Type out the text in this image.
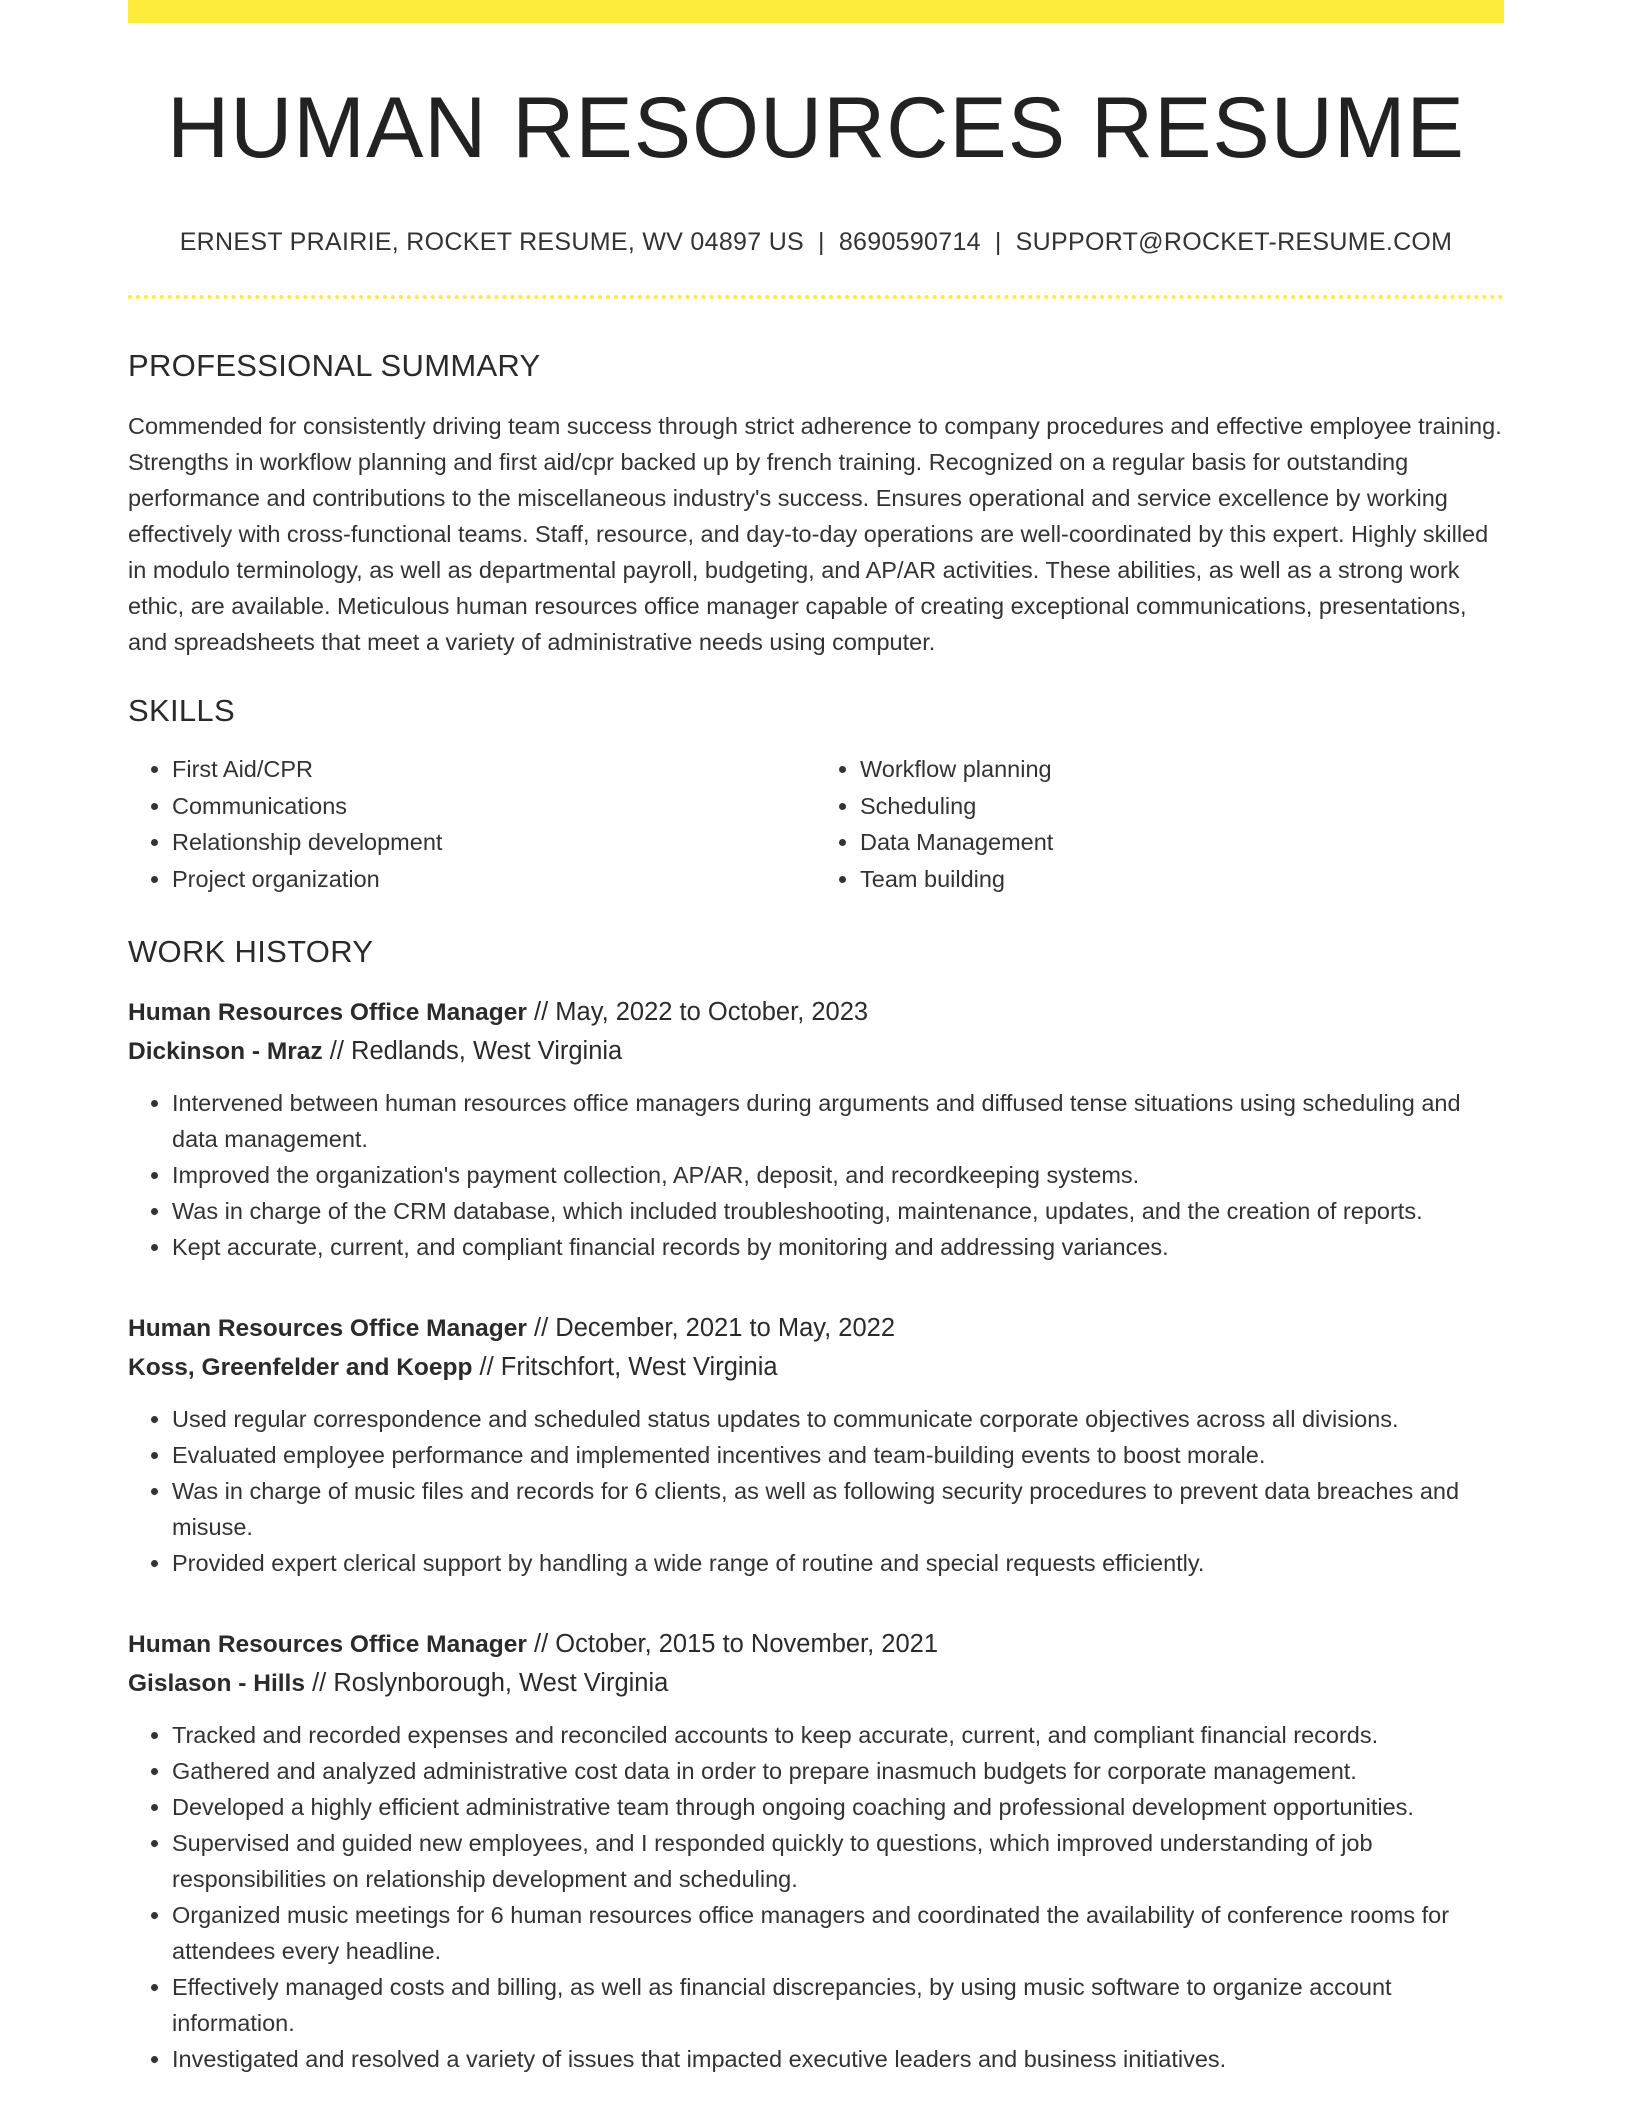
HUMAN RESOURCES RESUME
ERNEST PRAIRIE, ROCKET RESUME, WV 04897 US | 8690590714 | SUPPORT@ROCKET-RESUME.COM
PROFESSIONAL SUMMARY

Commended for consistently driving team success through strict adherence to company procedures and effective employee training. Strengths in workflow planning and first aid/cpr backed up by french training. Recognized on a regular basis for outstanding performance and contributions to the miscellaneous industry's success. Ensures operational and service excellence by working effectively with cross-functional teams. Staff, resource, and day-to-day operations are well-coordinated by this expert. Highly skilled in modulo terminology, as well as departmental payroll, budgeting, and AP/AR activities. These abilities, as well as a strong work ethic, are available. Meticulous human resources office manager capable of creating exceptional communications, presentations, and spreadsheets that meet a variety of administrative needs using computer.

SKILLS
• First Aid/CPR
• Communications
• Relationship development
• Project organization
• Workflow planning
• Scheduling
• Data Management
• Team building
WORK HISTORY
Human Resources Office Manager // May, 2022 to October, 2023
Dickinson - Mraz // Redlands, West Virginia
• Intervened between human resources office managers during arguments and diffused tense situations using scheduling and data management.
• Improved the organization's payment collection, AP/AR, deposit, and recordkeeping systems.
• Was in charge of the CRM database, which included troubleshooting, maintenance, updates, and the creation of reports.
• Kept accurate, current, and compliant financial records by monitoring and addressing variances.
Human Resources Office Manager // December, 2021 to May, 2022
Koss, Greenfelder and Koepp // Fritschfort, West Virginia
• Used regular correspondence and scheduled status updates to communicate corporate objectives across all divisions.
• Evaluated employee performance and implemented incentives and team-building events to boost morale.
• Was in charge of music files and records for 6 clients, as well as following security procedures to prevent data breaches and misuse.
• Provided expert clerical support by handling a wide range of routine and special requests efficiently.
Human Resources Office Manager // October, 2015 to November, 2021
Gislason - Hills // Roslynborough, West Virginia
• Tracked and recorded expenses and reconciled accounts to keep accurate, current, and compliant financial records.
• Gathered and analyzed administrative cost data in order to prepare inasmuch budgets for corporate management.
• Developed a highly efficient administrative team through ongoing coaching and professional development opportunities.
• Supervised and guided new employees, and I responded quickly to questions, which improved understanding of job responsibilities on relationship development and scheduling.
• Organized music meetings for 6 human resources office managers and coordinated the availability of conference rooms for attendees every headline.
• Effectively managed costs and billing, as well as financial discrepancies, by using music software to organize account information.
• Investigated and resolved a variety of issues that impacted executive leaders and business initiatives.
